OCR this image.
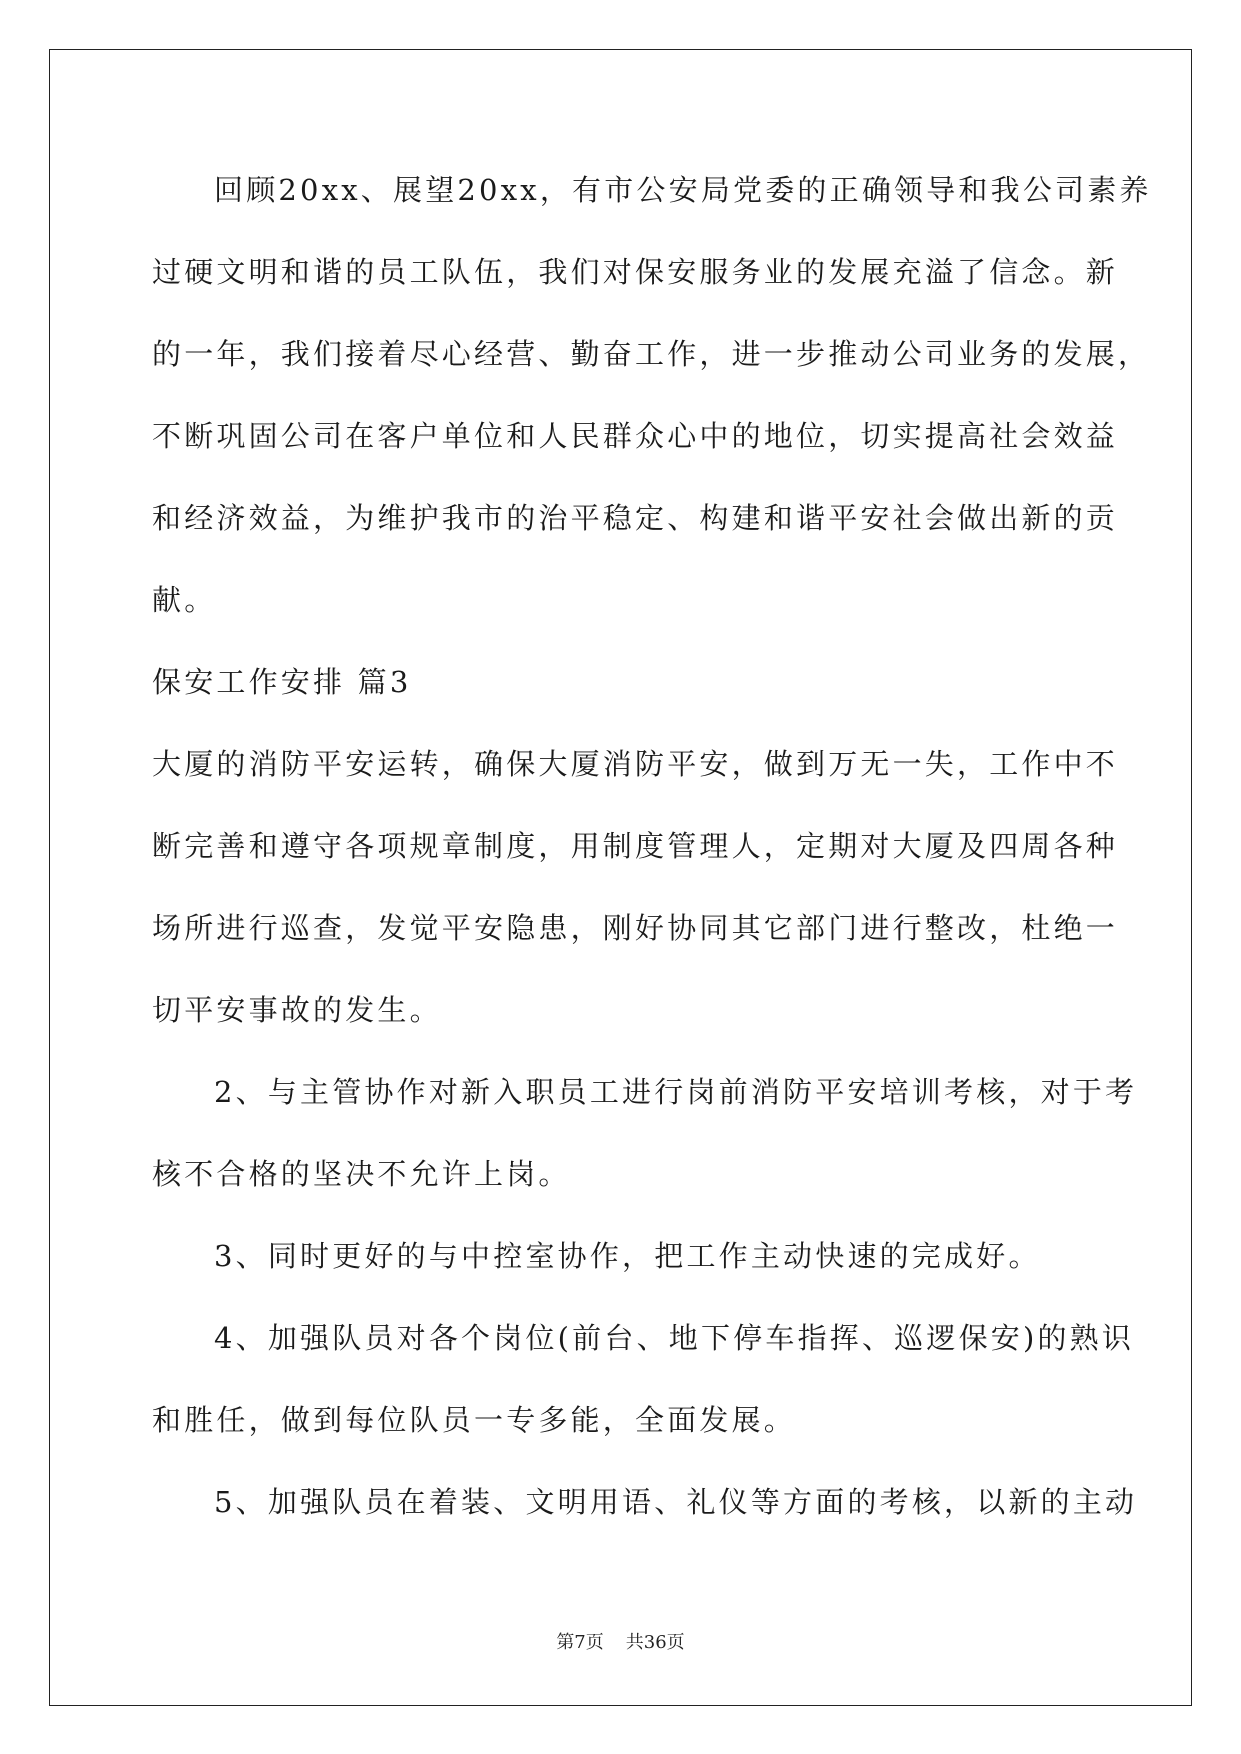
回顾20xx、展望20xx，有市公安局党委的正确领导和我公司素养
过硬文明和谐的员工队伍，我们对保安服务业的发展充溢了信念。新
的一年，我们接着尽心经营、勤奋工作，进一步推动公司业务的发展，
不断巩固公司在客户单位和人民群众心中的地位，切实提高社会效益
和经济效益，为维护我市的治平稳定、构建和谐平安社会做出新的贡
献。
保安工作安排 篇3
大厦的消防平安运转，确保大厦消防平安，做到万无一失，工作中不
断完善和遵守各项规章制度，用制度管理人，定期对大厦及四周各种
场所进行巡查，发觉平安隐患，刚好协同其它部门进行整改，杜绝一
切平安事故的发生。
2、与主管协作对新入职员工进行岗前消防平安培训考核，对于考
核不合格的坚决不允许上岗。
3、同时更好的与中控室协作，把工作主动快速的完成好。
4、加强队员对各个岗位(前台、地下停车指挥、巡逻保安)的熟识
和胜任，做到每位队员一专多能，全面发展。
5、加强队员在着装、文明用语、礼仪等方面的考核，以新的主动
第7页 共36页
